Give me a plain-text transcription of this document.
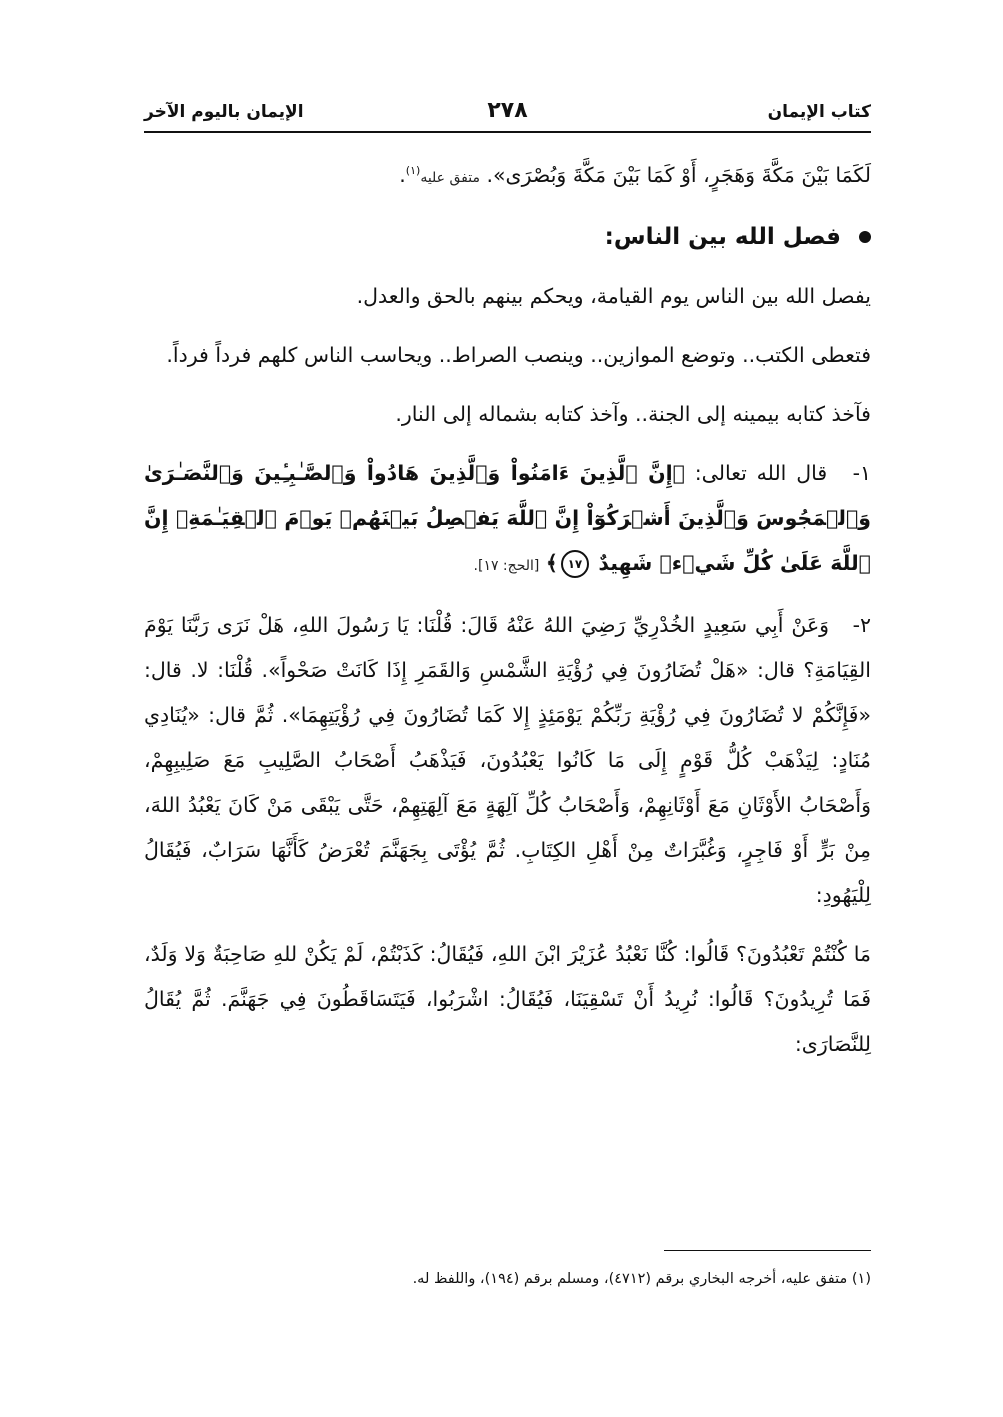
كتاب الإيمان
٢٧٨
الإيمان باليوم الآخر

لَكَمَا بَيْنَ مَكَّةَ وَهَجَرٍ، أَوْ كَمَا بَيْنَ مَكَّةَ وَبُصْرَى». متفق عليه$^{(١)}$.

فصل الله بين الناس:

يفصل الله بين الناس يوم القيامة، ويحكم بينهم بالحق والعدل.

فتعطى الكتب.. وتوضع الموازين.. وينصب الصراط.. ويحاسب الناس كلهم فرداً فرداً.

فآخذ كتابه بيمينه إلى الجنة.. وآخذ كتابه بشماله إلى النار.

١- قال الله تعالى: ﴿إِنَّ ٱلَّذِينَ ءَامَنُواْ وَٱلَّذِينَ هَادُواْ وَٱلصَّـٰبِـِٔينَ وَٱلنَّصَـٰرَىٰ وَٱلۡمَجُوسَ وَٱلَّذِينَ أَشۡرَكُوٓاْ إِنَّ ٱللَّهَ يَفۡصِلُ بَيۡنَهُمۡ يَوۡمَ ٱلۡقِيَـٰمَةِۚ إِنَّ ٱللَّهَ عَلَىٰ كُلِّ شَيۡءٖ شَهِيدٌ ١٧﴾ [الحج: ١٧].

٢- وَعَنْ أَبِي سَعِيدٍ الخُدْرِيِّ رَضِيَ اللهُ عَنْهُ قَالَ: قُلْنَا: يَا رَسُولَ اللهِ، هَلْ نَرَى رَبَّنَا يَوْمَ القِيَامَةِ؟ قال: «هَلْ تُضَارُونَ فِي رُؤْيَةِ الشَّمْسِ وَالقَمَرِ إِذَا كَانَتْ صَحْواً». قُلْنَا: لا. قال: «فَإِنَّكُمْ لا تُضَارُونَ فِي رُؤْيَةِ رَبِّكُمْ يَوْمَئِذٍ إِلا كَمَا تُضَارُونَ فِي رُؤْيَتِهِمَا». ثُمَّ قال: «يُنَادِي مُنَادٍ: لِيَذْهَبْ كُلُّ قَوْمٍ إِلَى مَا كَانُوا يَعْبُدُونَ، فَيَذْهَبُ أَصْحَابُ الصَّلِيبِ مَعَ صَلِيبِهِمْ، وَأَصْحَابُ الأَوْثَانِ مَعَ أَوْثَانِهِمْ، وَأَصْحَابُ كُلِّ آلِهَةٍ مَعَ آلِهَتِهِمْ، حَتَّى يَبْقَى مَنْ كَانَ يَعْبُدُ اللهَ، مِنْ بَرٍّ أَوْ فَاجِرٍ، وَغُبَّرَاتٌ مِنْ أَهْلِ الكِتَابِ. ثُمَّ يُؤْتَى بِجَهَنَّمَ تُعْرَضُ كَأَنَّهَا سَرَابٌ، فَيُقَالُ لِلْيَهُودِ:

مَا كُنْتُمْ تَعْبُدُونَ؟ قَالُوا: كُنَّا نَعْبُدُ عُزَيْرَ ابْنَ اللهِ، فَيُقَالُ: كَذَبْتُمْ، لَمْ يَكُنْ للهِ صَاحِبَةٌ وَلا وَلَدٌ، فَمَا تُرِيدُونَ؟ قَالُوا: نُرِيدُ أَنْ تَسْقِيَنَا، فَيُقَالُ: اشْرَبُوا، فَيَتَسَاقَطُونَ فِي جَهَنَّمَ. ثُمَّ يُقَالُ لِلنَّصَارَى:

(١) متفق عليه، أخرجه البخاري برقم (٤٧١٢)، ومسلم برقم (١٩٤)، واللفظ له.
